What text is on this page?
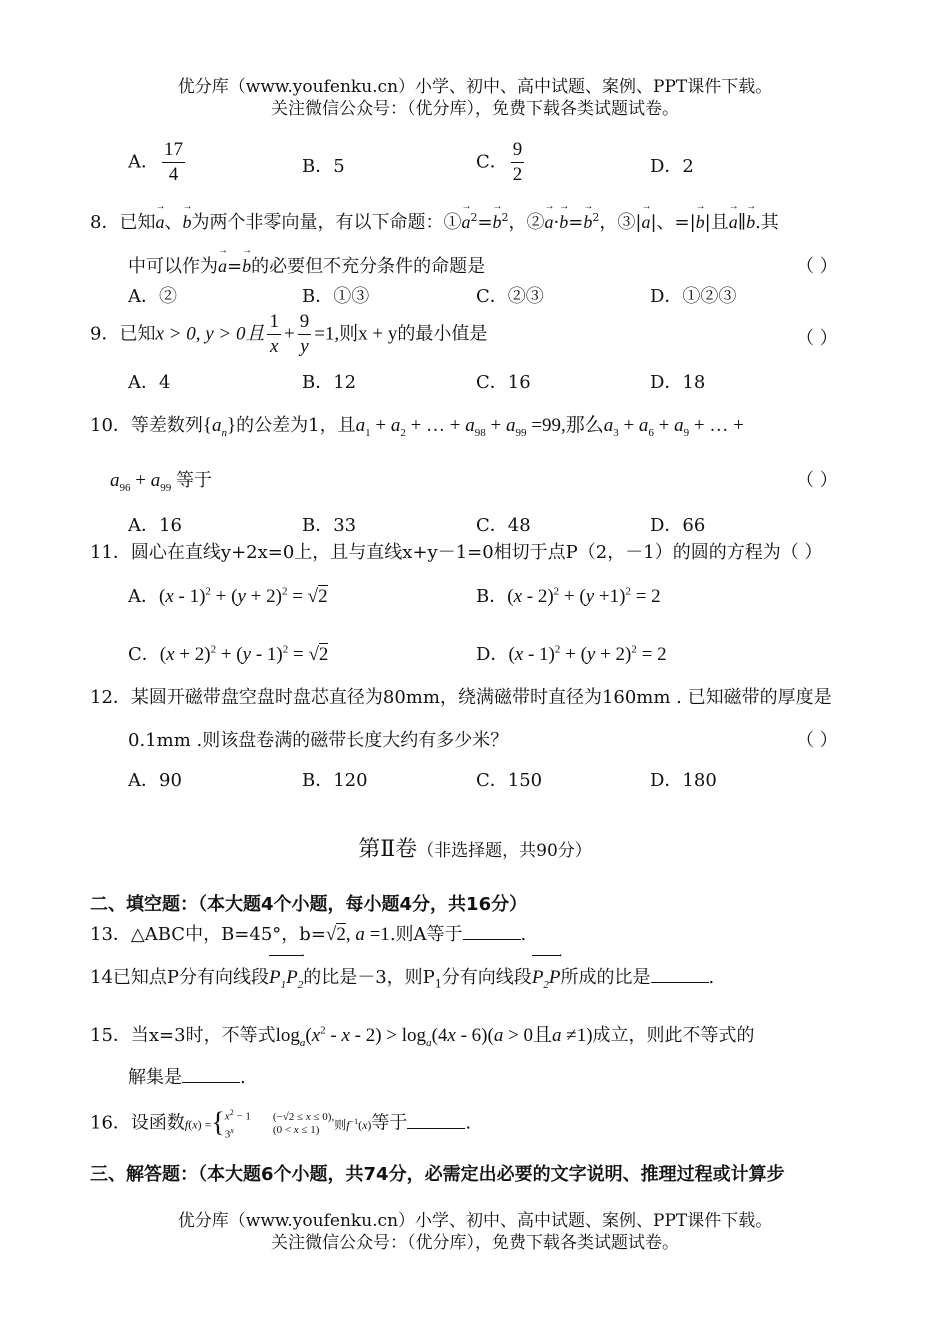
优分库（www.youfenku.cn）小学、初中、高中试题、案例、PPT课件下载。
关注微信公众号：（优分库），免费下载各类试题试卷。
A． $\frac{17}{4}$	B．5	C． $\frac{9}{2}$	D．2
8．已知→ a、→ b为两个非零向量，有以下命题：①→ $a^2=\to b^2$，②→ $a\cdot\to b=\to b^2$，③|→ a|、=|→ b|且→ a∥→ b.其
中可以作为→ a=→ b的必要但不充分条件的命题是	（ ）
A．②	B．①③	C．②③	D．①②③
9．已知x > 0, y > 0且 $\frac{1}{x} + \frac{9}{y} =1$,则x + y的最小值是	（ ）
A．4	B．12	C．16	D．18
10．等差数列$\{a_n\}$的公差为1，且$a_1 + a_2$ + … + $a_{98} + a_{99} =99$,那么$a_3 + a_6 + a_9$ + … +
$a_{96} + a_{99}$ 等于	（ ）
A．16	B．33	C．48	D．66
11．圆心在直线y+2x=0上，且与直线x+y－1=0相切于点P（2，－1）的圆的方程为（ ）
A．$(x - 1)^2 + (y + 2)^2 = √2$	B．$(x - 2)^2 + (y +1)^2 = 2$
C．$(x + 2)^2 + (y - 1)^2 = √2$	D．$(x - 1)^2 + (y + 2)^2 = 2$
12．某圆开磁带盘空盘时盘芯直径为80mm，绕满磁带时直径为160mm . 已知磁带的厚度是
0.1mm .则该盘卷满的磁带长度大约有多少米？	（ ）
A．90	B．120	C．150	D．180
第Ⅱ卷（非选择题，共90分）
二、填空题：（本大题4个小题，每小题4分，共16分）
13．△ABC中，B=45°，b=√2, a =1.则A等于	.
14已知点P分有向线段
→
$P_1P_2$的比是－3，则$P_1$分有向线段
→
$P_2P$所成的比是	.
15．当x=3时，不等式$\log_a(x^2 - x - 2) > \log_a(4x - 6)(a > 0$且a ≠1)成立，则此不等式的
解集是	.
16．设函数$f(x) =\{x^2 - 1$
$3^x(-√2 \le x \le 0)$,
(0 < x ≤ 1) 则$f^{-1}(x)$等于	.
三、解答题：（本大题6个小题，共74分，必需定出必要的文字说明、推理过程或计算步
优分库（www.youfenku.cn）小学、初中、高中试题、案例、PPT课件下载。
关注微信公众号：（优分库），免费下载各类试题试卷。
